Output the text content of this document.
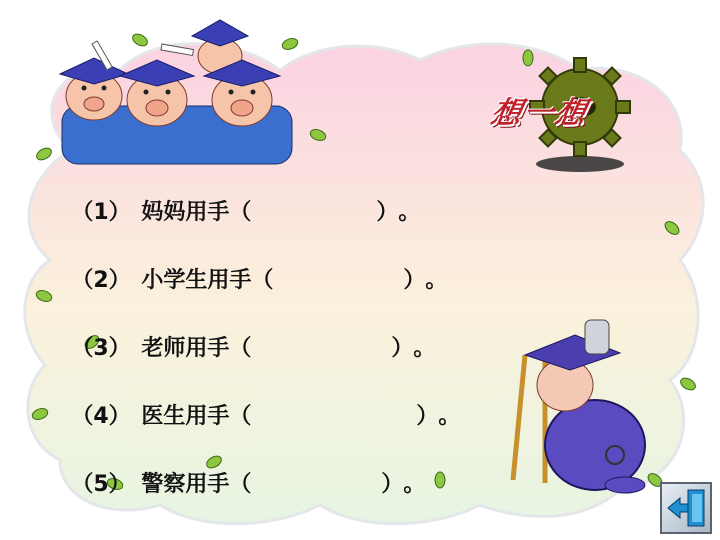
想一想

（1） 妈妈用手（	）。

（2） 小学生用手（	）。

（3） 老师用手（	）。

（4） 医生用手（	）。

（5） 警察用手（	）。
